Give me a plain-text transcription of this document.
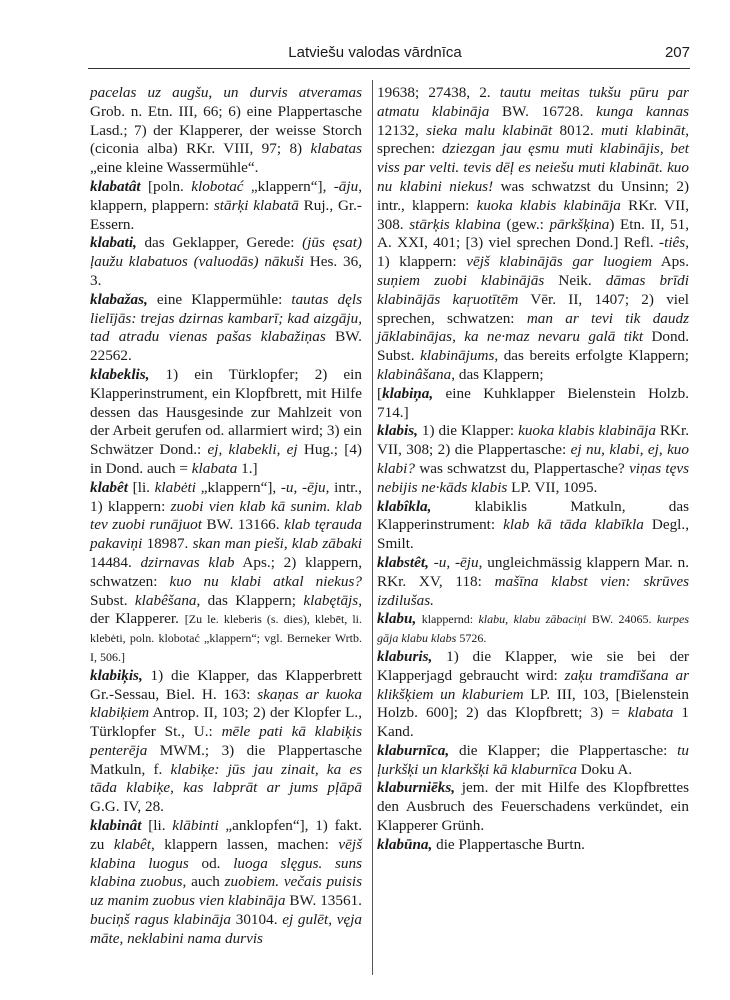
Latviešu valodas vārdnīca	207

pacelas uz augšu, un durvis atveramas Grob. n. Etn. III, 66; 6) eine Plappertasche Lasd.; 7) der Klapperer, der weisse Storch (ciconia alba) RKr. VIII, 97; 8) klabatas „eine kleine Wassermühle“.

klabatât [poln. klobotać „klappern“], -āju, klappern, plappern: stārķi klabatā Ruj., Gr.-Essern.

klabati, das Geklapper, Gerede: (jūs ęsat) ļaužu klabatuos (valuodās) nākuši Hes. 36, 3.

klabažas, eine Klappermühle: tautas dęls lielījās: trejas dzirnas kambarī; kad aizgāju, tad atradu vienas pašas klabažiņas BW. 22562.

klabeklis, 1) ein Türklopfer; 2) ein Klapperinstrument, ein Klopfbrett, mit Hilfe dessen das Hausgesinde zur Mahlzeit von der Arbeit gerufen od. allarmiert wird; 3) ein Schwätzer Dond.: ej, klabekli, ej Hug.; [4) in Dond. auch = klabata 1.]

klabêt [li. klabėti „klappern“], -u, -ēju, intr., 1) klappern: zuobi vien klab kā sunim. klab tev zuobi runājuot BW. 13166. klab tęrauda pakaviņi 18987. skan man pieši, klab zābaki 14484. dzirnavas klab Aps.; 2) klappern, schwatzen: kuo nu klabi atkal niekus? Subst. klabêšana, das Klappern; klabętājs, der Klapperer. [Zu le. kleberis (s. dies), klebēt, li. klebėti, poln. klobotać „klappern“; vgl. Berneker Wrtb. I, 506.]

klabiķis, 1) die Klapper, das Klapperbrett Gr.-Sessau, Biel. H. 163: skaņas ar kuoka klabiķiem Antrop. II, 103; 2) der Klopfer L., Türklopfer St., U.: mēle pati kā klabiķis penterēja MWM.; 3) die Plappertasche Matkuln, f. klabiķe: jūs jau zinait, ka es tāda klabiķe, kas labprāt ar jums pļāpā G.G. IV, 28.

klabinât [li. klābinti „anklopfen“], 1) fakt. zu klabêt, klappern lassen, machen: vējš klabina luogus od. luoga slęgus. suns klabina zuobus, auch zuobiem. večais puisis uz manim zuobus vien klabināja BW. 13561. buciņš ragus klabināja 30104. ej gulēt, vęja māte, neklabini nama durvis

19638; 27438, 2. tautu meitas tukšu pūru par atmatu klabināja BW. 16728. kunga kannas 12132, sieka malu klabināt 8012. muti klabināt, sprechen: dziezgan jau ęsmu muti klabinājis, bet viss par velti. tevis dēļ es neiešu muti klabināt. kuo nu klabini niekus! was schwatzst du Unsinn; 2) intr., klappern: kuoka klabis klabināja RKr. VII, 308. stārķis klabina (gew.: pārkšķina) Etn. II, 51, A. XXI, 401; [3) viel sprechen Dond.] Refl. -tiês, 1) klappern: vējš klabinājās gar luogiem Aps. suņiem zuobi klabinājās Neik. dāmas brīdi klabinājās kaŗuotītēm Vēr. II, 1407; 2) viel sprechen, schwatzen: man ar tevi tik daudz jāklabinājas, ka ne·maz nevaru galā tikt Dond. Subst. klabinājums, das bereits erfolgte Klappern; klabinâšana, das Klappern;

[klabiņa, eine Kuhklapper Bielenstein Holzb. 714.]

klabis, 1) die Klapper: kuoka klabis klabināja RKr. VII, 308; 2) die Plappertasche: ej nu, klabi, ej, kuo klabi? was schwatzst du, Plappertasche? viņas tęvs nebijis ne·kāds klabis LP. VII, 1095.

klabîkla, klabiklis Matkuln, das Klapperinstrument: klab kā tāda klabīkla Degl., Smilt.

klabstêt, -u, -ēju, ungleichmässig klappern Mar. n. RKr. XV, 118: mašīna klabst vien: skrūves izdilušas.

klabu, klappernd: klabu, klabu zābaciņi BW. 24065. kurpes gāja klabu klabs 5726.

klaburis, 1) die Klapper, wie sie bei der Klapperjagd gebraucht wird: zaķu tramdīšana ar klikšķiem un klaburiem LP. III, 103, [Bielenstein Holzb. 600]; 2) das Klopfbrett; 3) = klabata 1 Kand.

klaburnīca, die Klapper; die Plappertasche: tu ļurkšķi un klarkšķi kā klaburnīca Doku A.

klaburniēks, jem. der mit Hilfe des Klopfbrettes den Ausbruch des Feuerschadens verkündet, ein Klapperer Grünh.

klabūna, die Plappertasche Burtn.
